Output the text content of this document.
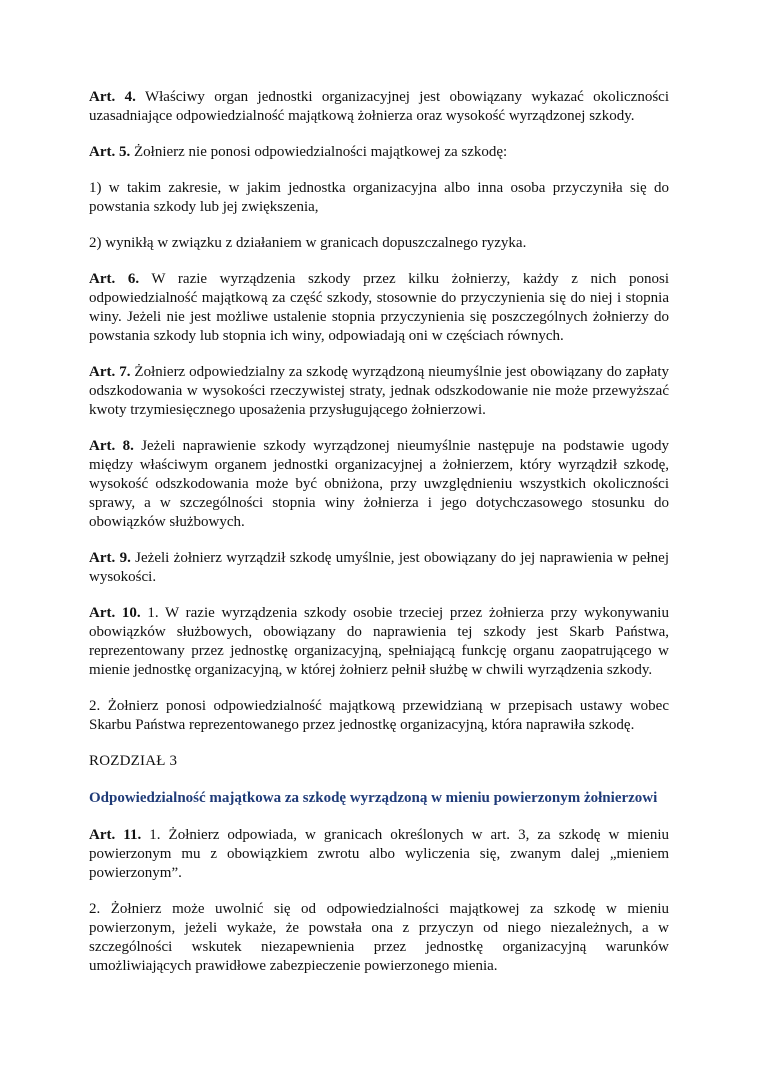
Art. 4. Właściwy organ jednostki organizacyjnej jest obowiązany wykazać okoliczności uzasadniające odpowiedzialność majątkową żołnierza oraz wysokość wyrządzonej szkody.

Art. 5. Żołnierz nie ponosi odpowiedzialności majątkowej za szkodę:

1) w takim zakresie, w jakim jednostka organizacyjna albo inna osoba przyczyniła się do powstania szkody lub jej zwiększenia,

2) wynikłą w związku z działaniem w granicach dopuszczalnego ryzyka.

Art. 6. W razie wyrządzenia szkody przez kilku żołnierzy, każdy z nich ponosi odpowiedzialność majątkową za część szkody, stosownie do przyczynienia się do niej i stopnia winy. Jeżeli nie jest możliwe ustalenie stopnia przyczynienia się poszczególnych żołnierzy do powstania szkody lub stopnia ich winy, odpowiadają oni w częściach równych.

Art. 7. Żołnierz odpowiedzialny za szkodę wyrządzoną nieumyślnie jest obowiązany do zapłaty odszkodowania w wysokości rzeczywistej straty, jednak odszkodowanie nie może przewyższać kwoty trzymiesięcznego uposażenia przysługującego żołnierzowi.

Art. 8. Jeżeli naprawienie szkody wyrządzonej nieumyślnie następuje na podstawie ugody między właściwym organem jednostki organizacyjnej a żołnierzem, który wyrządził szkodę, wysokość odszkodowania może być obniżona, przy uwzględnieniu wszystkich okoliczności sprawy, a w szczególności stopnia winy żołnierza i jego dotychczasowego stosunku do obowiązków służbowych.

Art. 9. Jeżeli żołnierz wyrządził szkodę umyślnie, jest obowiązany do jej naprawienia w pełnej wysokości.

Art. 10. 1. W razie wyrządzenia szkody osobie trzeciej przez żołnierza przy wykonywaniu obowiązków służbowych, obowiązany do naprawienia tej szkody jest Skarb Państwa, reprezentowany przez jednostkę organizacyjną, spełniającą funkcję organu zaopatrującego w mienie jednostkę organizacyjną, w której żołnierz pełnił służbę w chwili wyrządzenia szkody.

2. Żołnierz ponosi odpowiedzialność majątkową przewidzianą w przepisach ustawy wobec Skarbu Państwa reprezentowanego przez jednostkę organizacyjną, która naprawiła szkodę.

ROZDZIAŁ 3

Odpowiedzialność majątkowa za szkodę wyrządzoną w mieniu powierzonym żołnierzowi

Art. 11. 1. Żołnierz odpowiada, w granicach określonych w art. 3, za szkodę w mieniu powierzonym mu z obowiązkiem zwrotu albo wyliczenia się, zwanym dalej „mieniem powierzonym”.

2. Żołnierz może uwolnić się od odpowiedzialności majątkowej za szkodę w mieniu powierzonym, jeżeli wykaże, że powstała ona z przyczyn od niego niezależnych, a w szczególności wskutek niezapewnienia przez jednostkę organizacyjną warunków umożliwiających prawidłowe zabezpieczenie powierzonego mienia.
